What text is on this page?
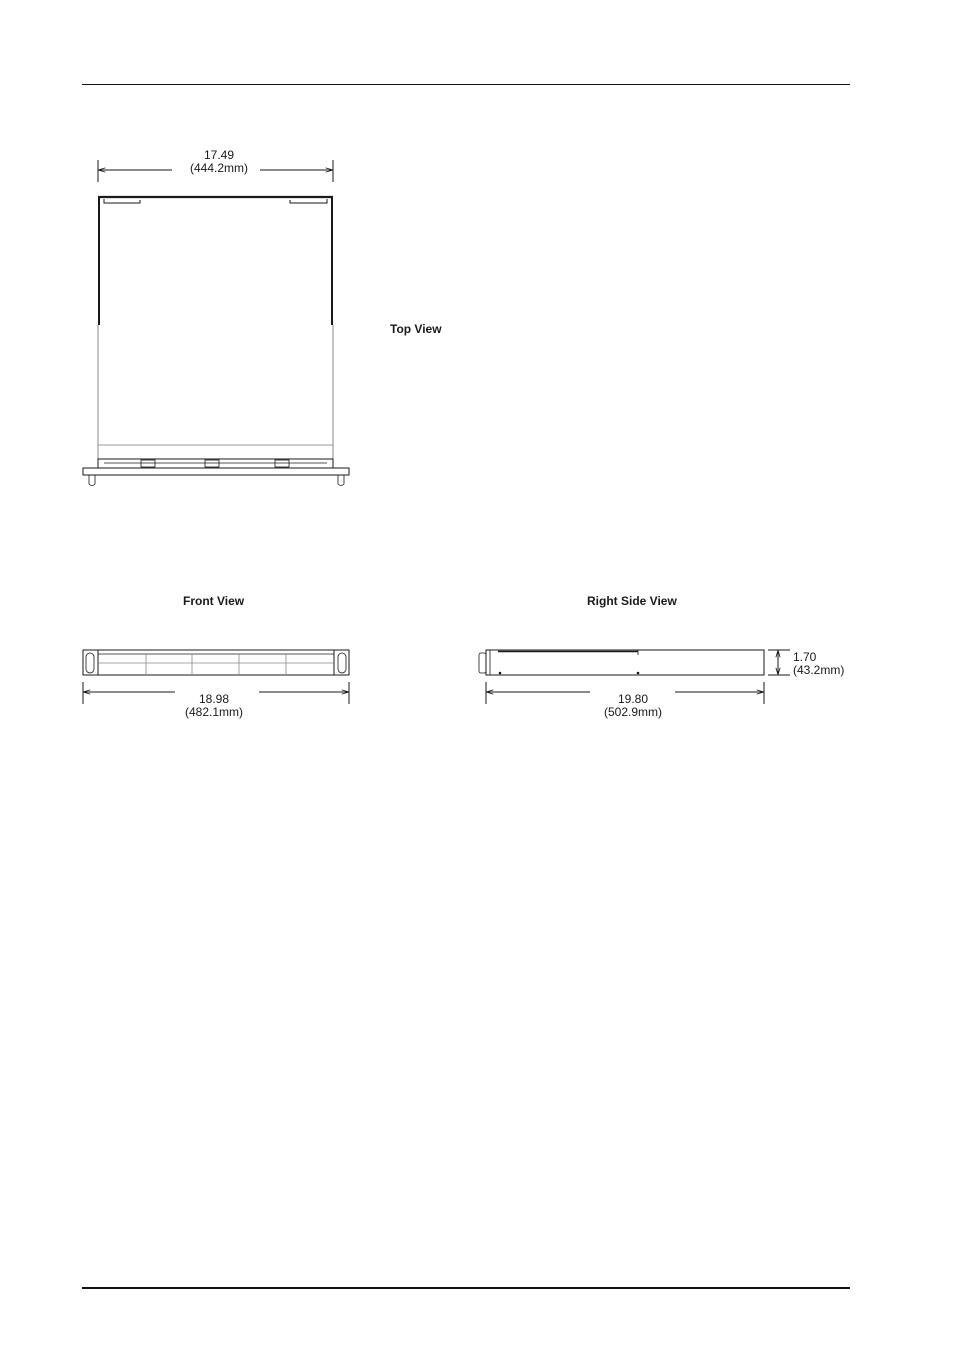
17.49
(444.2mm)
Top View
Front View
18.98
(482.1mm)
Right Side View
19.80
(502.9mm)
1.70
(43.2mm)
